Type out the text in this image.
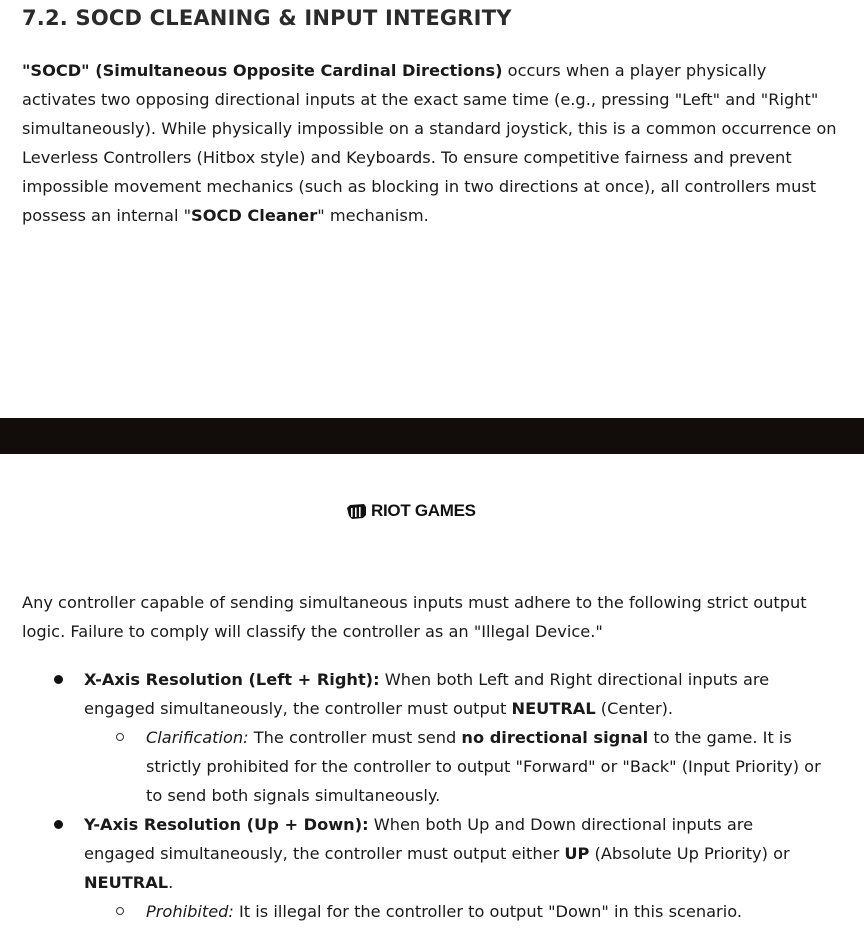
7.2. SOCD CLEANING & INPUT INTEGRITY

"SOCD" (Simultaneous Opposite Cardinal Directions) occurs when a player physically activates two opposing directional inputs at the exact same time (e.g., pressing "Left" and "Right" simultaneously). While physically impossible on a standard joystick, this is a common occurrence on Leverless Controllers (Hitbox style) and Keyboards. To ensure competitive fairness and prevent impossible movement mechanics (such as blocking in two directions at once), all controllers must possess an internal "SOCD Cleaner" mechanism.

RIOT GAMES

Any controller capable of sending simultaneous inputs must adhere to the following strict output logic. Failure to comply will classify the controller as an "Illegal Device."

X-Axis Resolution (Left + Right): When both Left and Right directional inputs are engaged simultaneously, the controller must output NEUTRAL (Center).
Clarification: The controller must send no directional signal to the game. It is strictly prohibited for the controller to output "Forward" or "Back" (Input Priority) or to send both signals simultaneously.
Y-Axis Resolution (Up + Down): When both Up and Down directional inputs are engaged simultaneously, the controller must output either UP (Absolute Up Priority) or NEUTRAL.
Prohibited: It is illegal for the controller to output "Down" in this scenario.
